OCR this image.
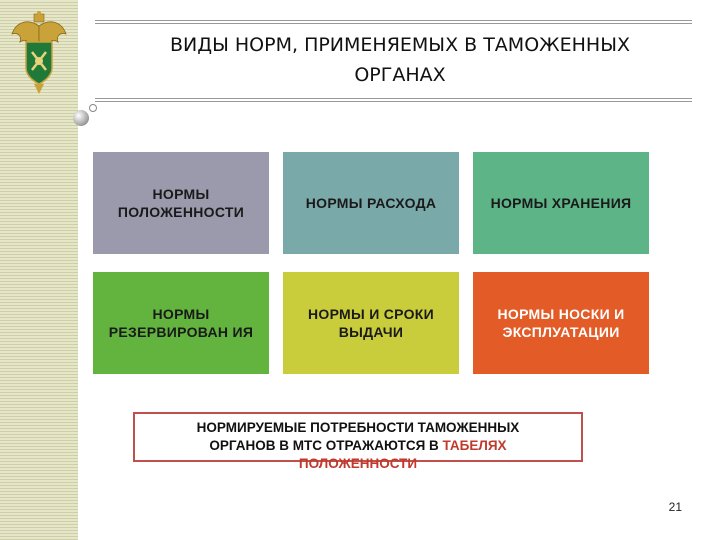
ВИДЫ НОРМ, ПРИМЕНЯЕМЫХ В ТАМОЖЕННЫХ
ОРГАНАХ
НОРМЫ ПОЛОЖЕННОСТИ
НОРМЫ РАСХОДА	НОРМЫ ХРАНЕНИЯ
НОРМЫ РЕЗЕРВИРОВАН ИЯ
НОРМЫ И СРОКИ ВЫДАЧИ
НОРМЫ НОСКИ И ЭКСПЛУАТАЦИИ
НОРМИРУЕМЫЕ ПОТРЕБНОСТИ ТАМОЖЕННЫХ
ОРГАНОВ В МТС ОТРАЖАЮТСЯ В ТАБЕЛЯХ
ПОЛОЖЕННОСТИ
21
